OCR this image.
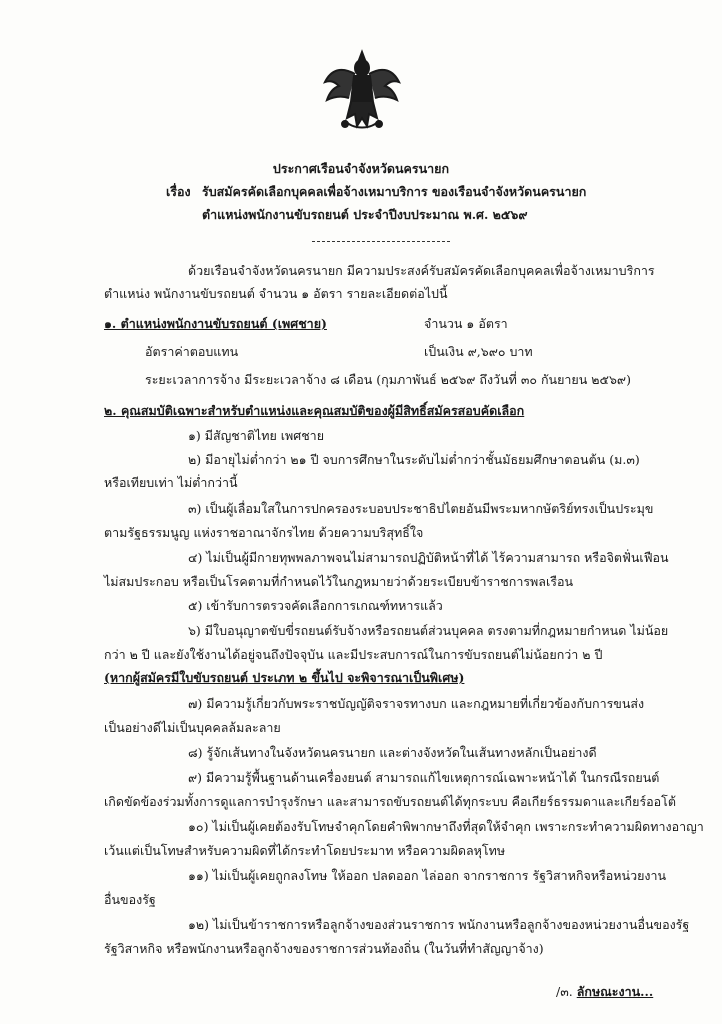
ประกาศเรือนจำจังหวัดนครนายก
เรื่อง รับสมัครคัดเลือกบุคคลเพื่อจ้างเหมาบริการ ของเรือนจำจังหวัดนครนายก
ตำแหน่งพนักงานขับรถยนต์ ประจำปีงบประมาณ พ.ศ. ๒๕๖๙
ด้วยเรือนจำจังหวัดนครนายก มีความประสงค์รับสมัครคัดเลือกบุคคลเพื่อจ้างเหมาบริการ
ตำแหน่ง พนักงานขับรถยนต์ จำนวน ๑ อัตรา รายละเอียดต่อไปนี้
๑. ตำแหน่งพนักงานขับรถยนต์ (เพศชาย)	จำนวน ๑ อัตรา
อัตราค่าตอบแทน	เป็นเงิน ๙,๖๙๐ บาท
ระยะเวลาการจ้าง มีระยะเวลาจ้าง ๘ เดือน (กุมภาพันธ์ ๒๕๖๙ ถึงวันที่ ๓๐ กันยายน ๒๕๖๙)
๒. คุณสมบัติเฉพาะสำหรับตำแหน่งและคุณสมบัติของผู้มีสิทธิ์สมัครสอบคัดเลือก
๑) มีสัญชาติไทย เพศชาย
๒) มีอายุไม่ต่ำกว่า ๒๑ ปี จบการศึกษาในระดับไม่ต่ำกว่าชั้นมัธยมศึกษาตอนต้น (ม.๓)
หรือเทียบเท่า ไม่ต่ำกว่านี้
๓) เป็นผู้เลื่อมใสในการปกครองระบอบประชาธิปไตยอันมีพระมหากษัตริย์ทรงเป็นประมุข
ตามรัฐธรรมนูญ แห่งราชอาณาจักรไทย ด้วยความบริสุทธิ์ใจ
๔) ไม่เป็นผู้มีกายทุพพลภาพจนไม่สามารถปฏิบัติหน้าที่ได้ ไร้ความสามารถ หรือจิตฟั่นเฟือน
ไม่สมประกอบ หรือเป็นโรคตามที่กำหนดไว้ในกฎหมายว่าด้วยระเบียบข้าราชการพลเรือน
๕) เข้ารับการตรวจคัดเลือกการเกณฑ์ทหารแล้ว
๖) มีใบอนุญาตขับขี่รถยนต์รับจ้างหรือรถยนต์ส่วนบุคคล ตรงตามที่กฎหมายกำหนด ไม่น้อย
กว่า ๒ ปี และยังใช้งานได้อยู่จนถึงปัจจุบัน และมีประสบการณ์ในการขับรถยนต์ไม่น้อยกว่า ๒ ปี
(หากผู้สมัครมีใบขับรถยนต์ ประเภท ๒ ขึ้นไป จะพิจารณาเป็นพิเศษ)
๗) มีความรู้เกี่ยวกับพระราชบัญญัติจราจรทางบก และกฎหมายที่เกี่ยวข้องกับการขนส่ง
เป็นอย่างดีไม่เป็นบุคคลล้มละลาย
๘) รู้จักเส้นทางในจังหวัดนครนายก และต่างจังหวัดในเส้นทางหลักเป็นอย่างดี
๙) มีความรู้พื้นฐานด้านเครื่องยนต์ สามารถแก้ไขเหตุการณ์เฉพาะหน้าได้ ในกรณีรถยนต์
เกิดขัดข้องร่วมทั้งการดูแลการบำรุงรักษา และสามารถขับรถยนต์ได้ทุกระบบ คือเกียร์ธรรมดาและเกียร์ออโต้
๑๐) ไม่เป็นผู้เคยต้องรับโทษจำคุกโดยคำพิพากษาถึงที่สุดให้จำคุก เพราะกระทำความผิดทางอาญา
เว้นแต่เป็นโทษสำหรับความผิดที่ได้กระทำโดยประมาท หรือความผิดลหุโทษ
๑๑) ไม่เป็นผู้เคยถูกลงโทษ ให้ออก ปลดออก ไล่ออก จากราชการ รัฐวิสาหกิจหรือหน่วยงาน
อื่นของรัฐ
๑๒) ไม่เป็นข้าราชการหรือลูกจ้างของส่วนราชการ พนักงานหรือลูกจ้างของหน่วยงานอื่นของรัฐ
รัฐวิสาหกิจ หรือพนักงานหรือลูกจ้างของราชการส่วนท้องถิ่น (ในวันที่ทำสัญญาจ้าง)
/๓. ลักษณะงาน...
